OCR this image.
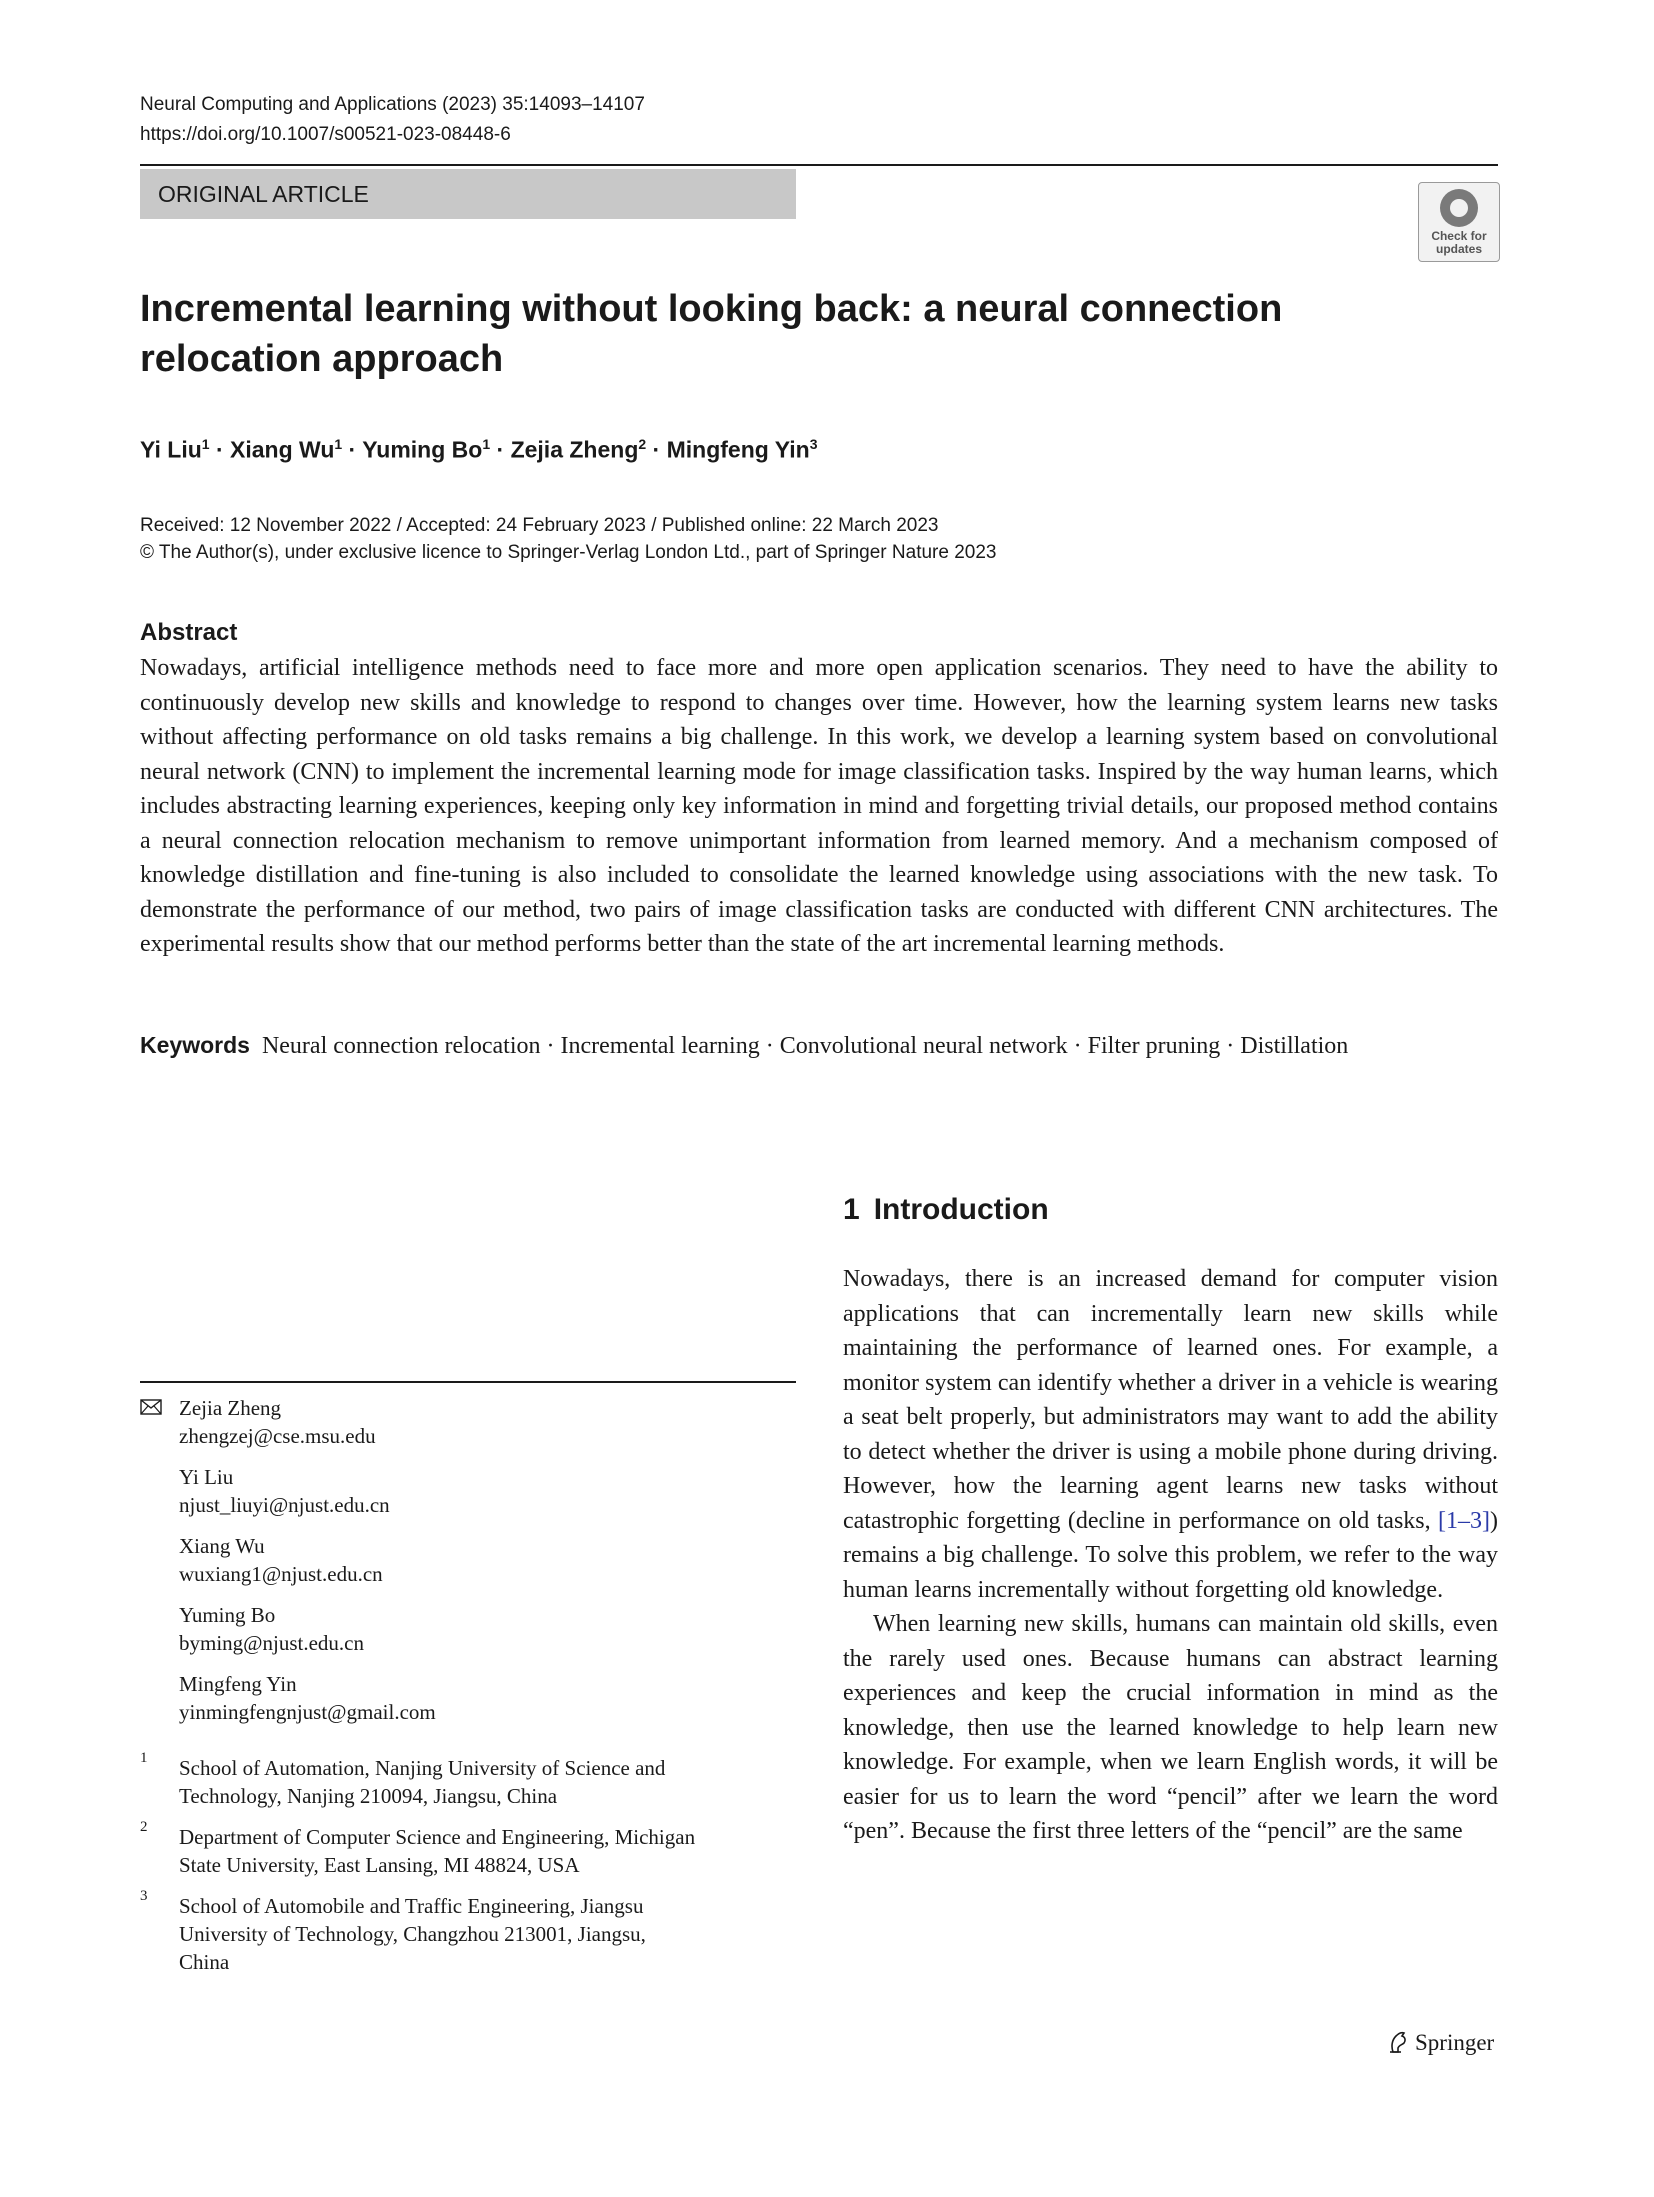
Neural Computing and Applications (2023) 35:14093–14107
https://doi.org/10.1007/s00521-023-08448-6
ORIGINAL ARTICLE
Check for
updates
Incremental learning without looking back: a neural connection
relocation approach
Yi Liu$^1$ · Xiang $Wu^1 \cdot Yuming$ $Bo^1$ · Zejia Zheng$^2$ · Mingfeng Yin$^3$
Received: 12 November 2022 / Accepted: 24 February 2023 / Published online: 22 March 2023
© The Author(s), under exclusive licence to Springer-Verlag London Ltd., part of Springer Nature 2023
Abstract
Nowadays, artificial intelligence methods need to face more and more open application scenarios. They need to have the ability to continuously develop new skills and knowledge to respond to changes over time. However, how the learning system learns new tasks without affecting performance on old tasks remains a big challenge. In this work, we develop a learning system based on convolutional neural network (CNN) to implement the incremental learning mode for image classification tasks. Inspired by the way human learns, which includes abstracting learning experiences, keeping only key information in mind and forgetting trivial details, our proposed method contains a neural connection relocation mechanism to remove unimportant information from learned memory. And a mechanism composed of knowledge distillation and fine-tuning is also included to consolidate the learned knowledge using associations with the new task. To demonstrate the performance of our method, two pairs of image classification tasks are conducted with different CNN architectures. The experimental results show that our method performs better than the state of the art incremental learning methods.
Keywords Neural connection relocation · Incremental learning · Convolutional neural network · Filter pruning · Distillation
1 Introduction

Nowadays, there is an increased demand for computer vision applications that can incrementally learn new skills while maintaining the performance of learned ones. For example, a monitor system can identify whether a driver in a vehicle is wearing a seat belt properly, but administrators may want to add the ability to detect whether the driver is using a mobile phone during driving. However, how the learning agent learns new tasks without catastrophic forgetting (decline in performance on old tasks, [1–3]) remains a big challenge. To solve this problem, we refer to the way human learns incrementally without forgetting old knowledge.

When learning new skills, humans can maintain old skills, even the rarely used ones. Because humans can abstract learning experiences and keep the crucial information in mind as the knowledge, then use the learned knowledge to help learn new knowledge. For example, when we learn English words, it will be easier for us to learn the word “pencil” after we learn the word “pen”. Because the first three letters of the “pencil” are the same

Zejia Zheng
zhengzej@cse.msu.edu
Yi Liu
njust_liuyi@njust.edu.cn
Xiang Wu
wuxiang1@njust.edu.cn
Yuming Bo
byming@njust.edu.cn
Mingfeng Yin
yinmingfengnjust@gmail.com
1 School of Automation, Nanjing University of Science and
Technology, Nanjing 210094, Jiangsu, China
2 Department of Computer Science and Engineering, Michigan
State University, East Lansing, MI 48824, USA
3 School of Automobile and Traffic Engineering, Jiangsu
University of Technology, Changzhou 213001, Jiangsu,
China
Springer
